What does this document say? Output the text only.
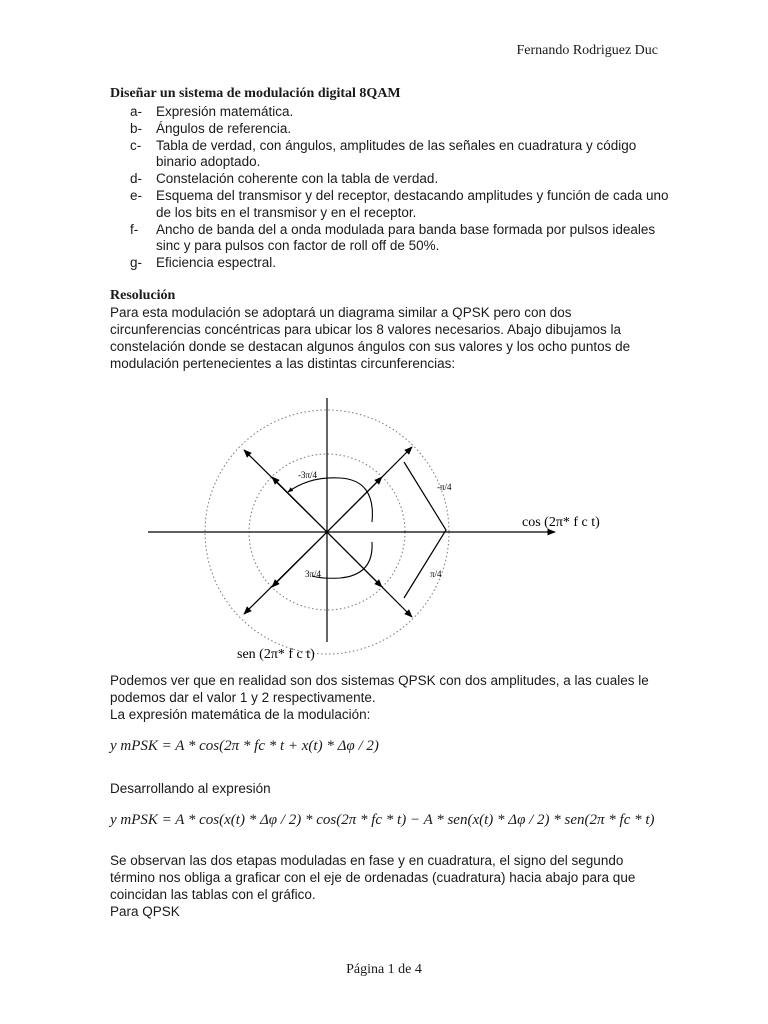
Fernando Rodriguez Duc
Diseñar un sistema de modulación digital 8QAM
a- Expresión matemática.
b- Ángulos de referencia.
c- Tabla de verdad, con ángulos, amplitudes de las señales en cuadratura y código binario adoptado.
d- Constelación coherente con la tabla de verdad.
e- Esquema del transmisor y del receptor, destacando amplitudes y función de cada uno de los bits en el transmisor y en el receptor.
f- Ancho de banda del a onda modulada para banda base formada por pulsos ideales sinc y para pulsos con factor de roll off de 50%.
g- Eficiencia espectral.
Resolución
Para esta modulación se adoptará un diagrama similar a QPSK pero con dos circunferencias concéntricas para ubicar los 8 valores necesarios. Abajo dibujamos la constelación donde se destacan algunos ángulos con sus valores y los ocho puntos de modulación pertenecientes a las distintas circunferencias:
-3π/4
-π/4
3π/4	π/4
cos (2π* f c t)
sen (2π* f c t)
Podemos ver que en realidad son dos sistemas QPSK con dos amplitudes, a las cuales le podemos dar el valor 1 y 2 respectivamente.
La expresión matemática de la modulación:
y mPSK = A * cos(2π * fc * t + x(t) * Δφ / 2)
Desarrollando al expresión
y mPSK = A * cos(x(t) * Δφ / 2) * cos(2π * fc * t) − A * sen(x(t) * Δφ / 2) * sen(2π * fc * t)
Se observan las dos etapas moduladas en fase y en cuadratura, el signo del segundo término nos obliga a graficar con el eje de ordenadas (cuadratura) hacia abajo para que coincidan las tablas con el gráfico.
Para QPSK
Página 1 de 4
